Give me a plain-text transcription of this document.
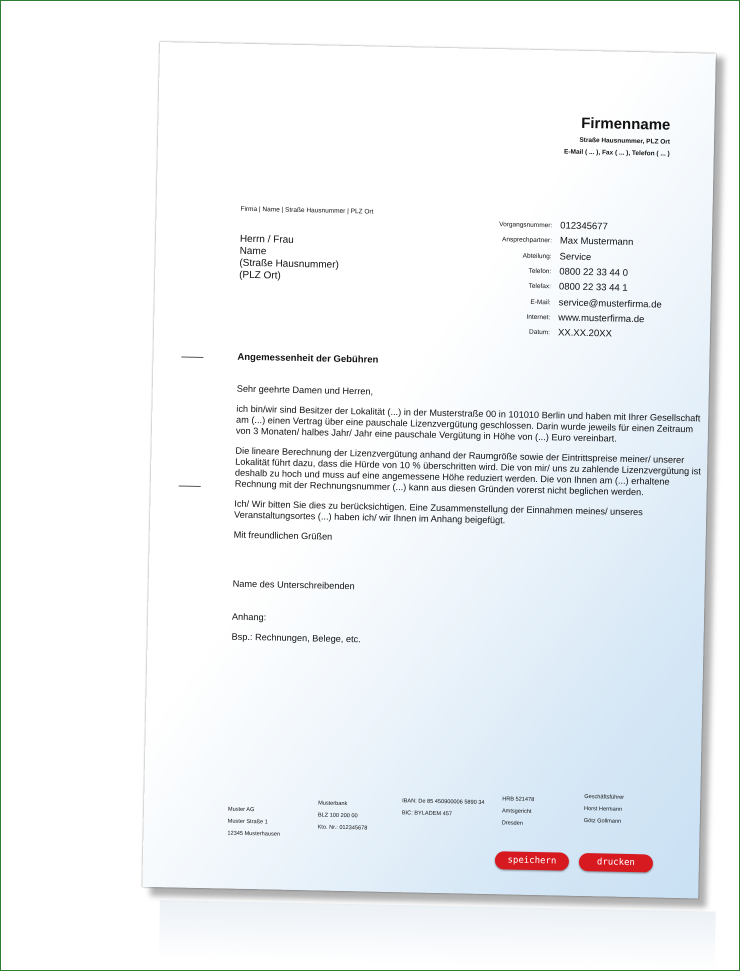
Firmenname
Straße Hausnummer, PLZ Ort
E-Mail ( ... ), Fax ( ... ), Telefon ( ... )
Firma | Name | Straße Hausnummer | PLZ Ort
Herrn / Frau
Name
(Straße Hausnummer)
(PLZ Ort)
Vorgangsnummer: 012345677
Ansprechpartner: Max Mustermann
Abteilung: Service
Telefon: 0800 22 33 44 0
Telefax: 0800 22 33 44 1
E-Mail: service@musterfirma.de
Internet: www.musterfirma.de
Datum: XX.XX.20XX
Angemessenheit der Gebühren

Sehr geehrte Damen und Herren,

ich bin/wir sind Besitzer der Lokalität (...) in der Musterstraße 00 in 101010 Berlin und haben mit Ihrer Gesellschaft am (...) einen Vertrag über eine pauschale Lizenzvergütung geschlossen. Darin wurde jeweils für einen Zeitraum von 3 Monaten/ halbes Jahr/ Jahr eine pauschale Vergütung in Höhe von (...) Euro vereinbart.

Die lineare Berechnung der Lizenzvergütung anhand der Raumgröße sowie der Eintrittspreise meiner/ unserer Lokalität führt dazu, dass die Hürde von 10 % überschritten wird. Die von mir/ uns zu zahlende Lizenzvergütung ist deshalb zu hoch und muss auf eine angemessene Höhe reduziert werden. Die von Ihnen am (...) erhaltene Rechnung mit der Rechnungsnummer (...) kann aus diesen Gründen vorerst nicht beglichen werden.

Ich/ Wir bitten Sie dies zu berücksichtigen. Eine Zusammenstellung der Einnahmen meines/ unseres Veranstaltungsortes (...) haben ich/ wir Ihnen im Anhang beigefügt.

Mit freundlichen Grüßen

Name des Unterschreibenden

Anhang:

Bsp.: Rechnungen, Belege, etc.

Muster AG
Muster Straße 1
12345 Musterhausen
Musterbank
BLZ 100 200 00
Kto. Nr.: 012345678
IBAN: De 85 450900006 5890 34
BIC: BYLADEM 457
HRB 521478
Amtsgericht
Dresden
Geschäftsführer
Horst Hermann
Götz Gollmann
speichern	drucken
